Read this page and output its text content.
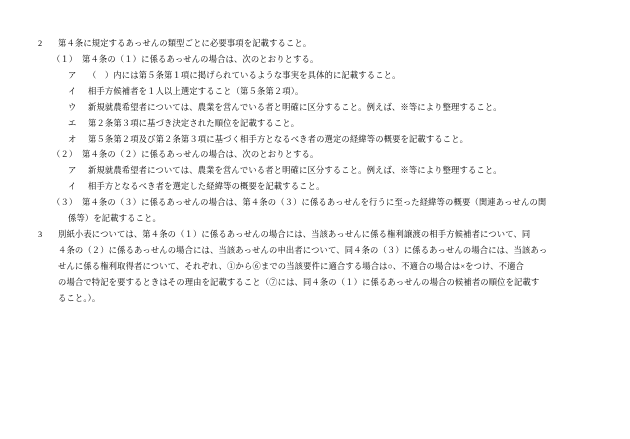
2	第４条に規定するあっせんの類型ごとに必要事項を記載すること。
（１） 第４条の（１）に係るあっせんの場合は、次のとおりとする。
ア	（　）内には第５条第１項に掲げられているような事実を具体的に記載すること。
イ	相手方候補者を１人以上選定すること（第５条第２項）。
ウ	新規就農希望者については、農業を営んでいる者と明確に区分すること。例えば、※等により整理すること。
エ	第２条第３項に基づき決定された順位を記載すること。
オ	第５条第２項及び第２条第３項に基づく相手方となるべき者の選定の経緯等の概要を記載すること。
（２） 第４条の（２）に係るあっせんの場合は、次のとおりとする。
ア	新規就農希望者については、農業を営んでいる者と明確に区分すること。例えば、※等により整理すること。
イ	相手方となるべき者を選定した経緯等の概要を記載すること。
（３） 第４条の（３）に係るあっせんの場合は、第４条の（３）に係るあっせんを行うに至った経緯等の概要（関連あっせんの関
係等）を記載すること。
3	別紙小表については、第４条の（１）に係るあっせんの場合には、当該あっせんに係る権利譲渡の相手方候補者について、同
４条の（２）に係るあっせんの場合には、当該あっせんの申出者について、同４条の（３）に係るあっせんの場合には、当該あっ
せんに係る権利取得者について、それぞれ、①から⑥までの当該要件に適合する場合は○、不適合の場合は×をつけ、不適合
の場合で特記を要するときはその理由を記載すること（⑦には、同４条の（１）に係るあっせんの場合の候補者の順位を記載す
ること。）。
